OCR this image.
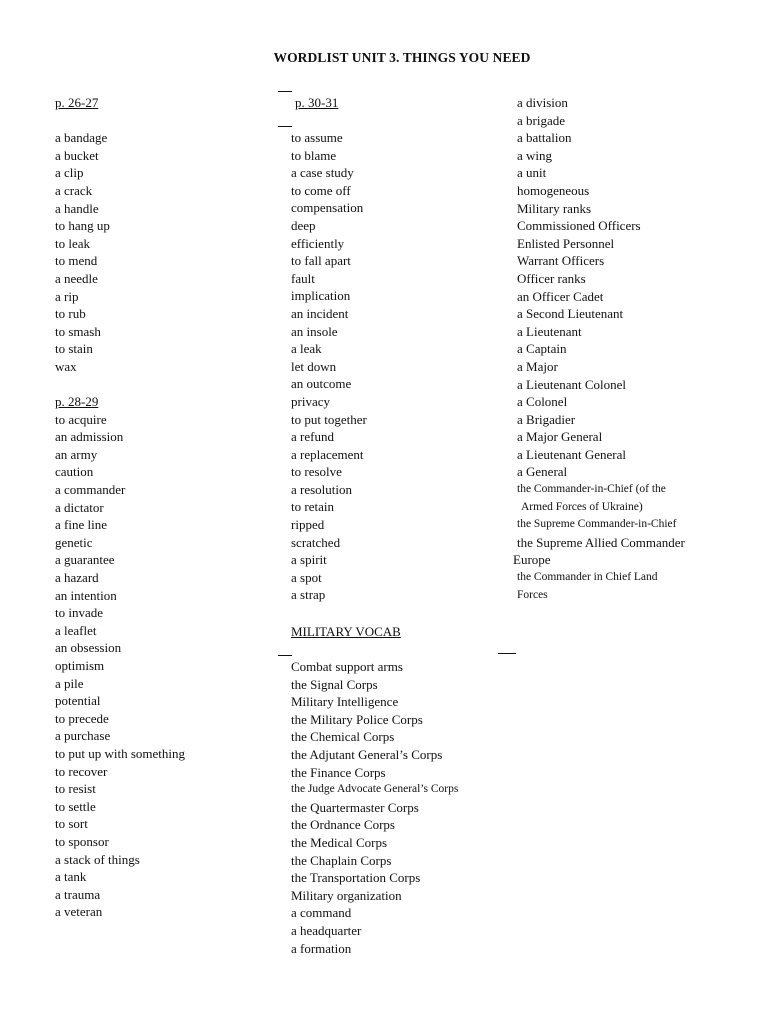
WORDLIST UNIT 3. THINGS YOU NEED
p. 26-27
a bandage
a bucket
a clip
a crack
a handle
to hang up
to leak
to mend
a needle
a rip
to rub
to smash
to stain
wax
p. 28-29
to acquire
an admission
an army
caution
a commander
a dictator
a fine line
genetic
a guarantee
a hazard
an intention
to invade
a leaflet
an obsession
optimism
a pile
potential
to precede
a purchase
to put up with something
to recover
to resist
to settle
to sort
to sponsor
a stack of things
a tank
a trauma
a veteran
p. 30-31
to assume
to blame
a case study
to come off
compensation
deep
efficiently
to fall apart
fault
implication
an incident
an insole
a leak
let down
an outcome
privacy
to put together
a refund
a replacement
to resolve
a resolution
to retain
ripped
scratched
a spirit
a spot
a strap
MILITARY VOCAB
Combat support arms
the Signal Corps
Military Intelligence
the Military Police Corps
the Chemical Corps
the Adjutant General’s Corps
the Finance Corps
the Judge Advocate General’s Corps
the Quartermaster Corps
the Ordnance Corps
the Medical Corps
the Chaplain Corps
the Transportation Corps
Military organization
a command
a headquarter
a formation
a division
a brigade
a battalion
a wing
a unit
homogeneous
Military ranks
Commissioned Officers
Enlisted Personnel
Warrant Officers
Officer ranks
an Officer Cadet
a Second Lieutenant
a Lieutenant
a Captain
a Major
a Lieutenant Colonel
a Colonel
a Brigadier
a Major General
a Lieutenant General
a General
the Commander-in-Chief (of the
Armed Forces of Ukraine)
the Supreme Commander-in-Chief
the Supreme Allied Commander
Europe
the Commander in Chief Land
Forces
